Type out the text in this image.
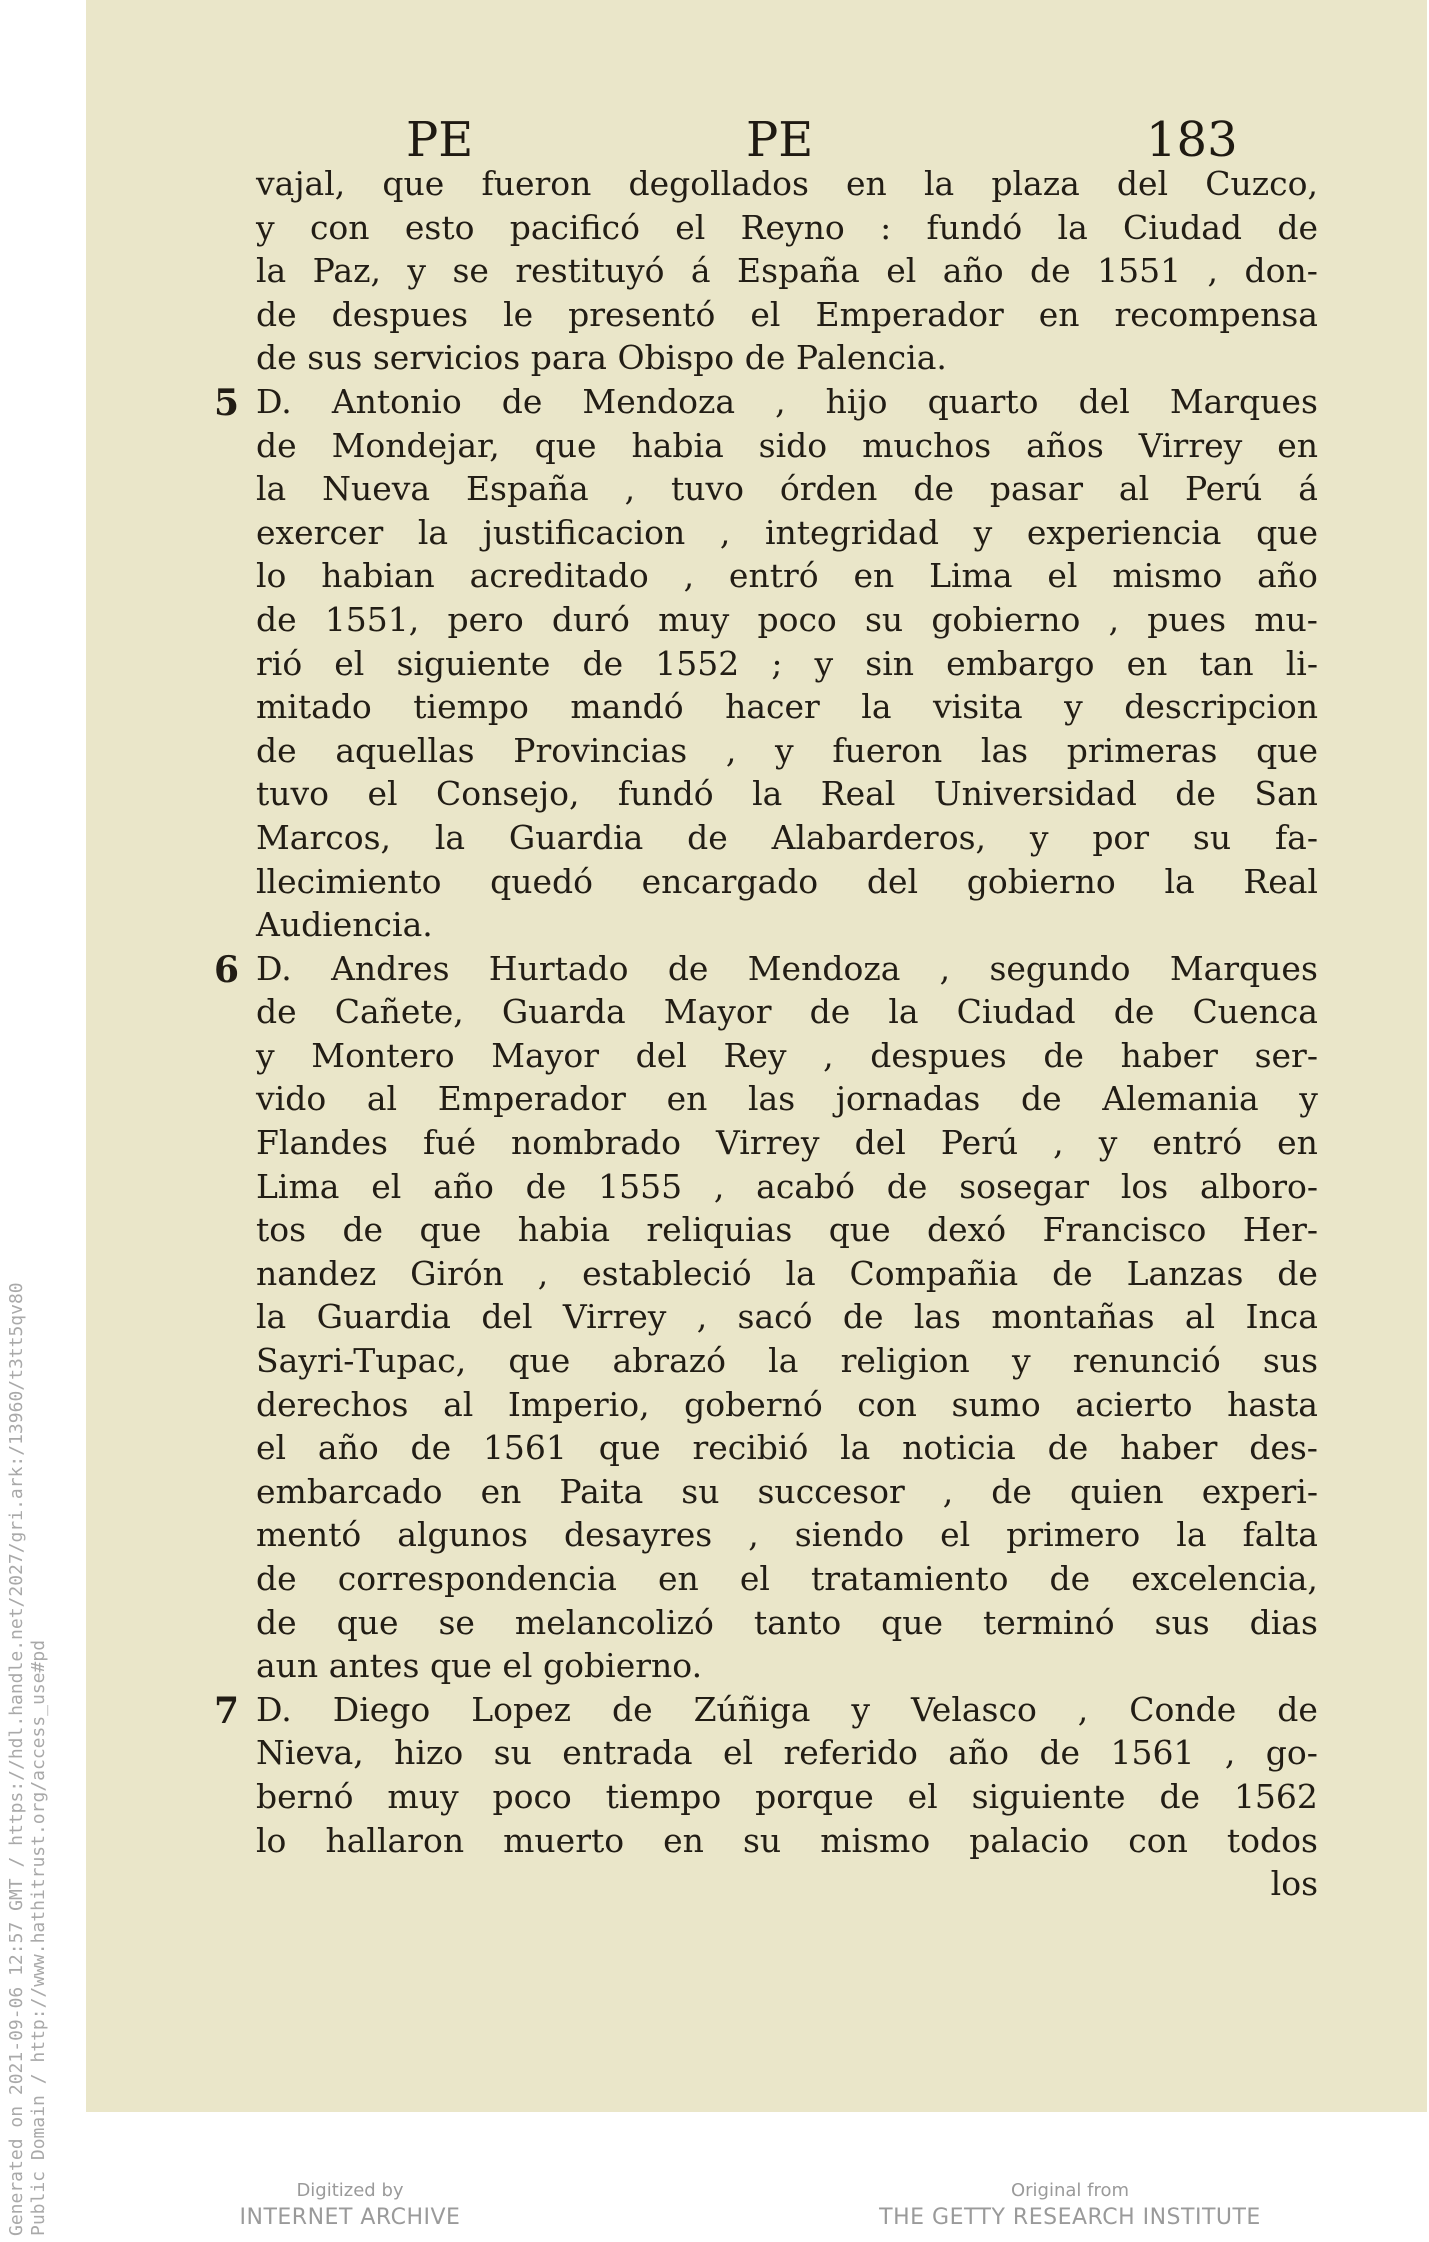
Generated on 2021-09-06 12:57 GMT / https://hdl.handle.net/2027/gri.ark:/13960/t3tt5qv80 Public Domain / http://www.hathitrust.org/access_use#pd
PE	PE	183
vajal, que fueron degollados en la plaza del Cuzco,
y con esto pacificó el Reyno : fundó la Ciudad de
la Paz, y se restituyó á España el año de 1551 , don-
de despues le presentó el Emperador en recompensa
de sus servicios para Obispo de Palencia.
D. Antonio de Mendoza , hijo quarto del Marques
de Mondejar, que habia sido muchos años Virrey en
la Nueva España , tuvo órden de pasar al Perú á
exercer la justificacion , integridad y experiencia que
lo habian acreditado , entró en Lima el mismo año
de 1551, pero duró muy poco su gobierno , pues mu-
rió el siguiente de 1552 ; y sin embargo en tan li-
mitado tiempo mandó hacer la visita y descripcion
de aquellas Provincias , y fueron las primeras que
tuvo el Consejo, fundó la Real Universidad de San
Marcos, la Guardia de Alabarderos, y por su fa-
llecimiento quedó encargado del gobierno la Real
Audiencia.
D. Andres Hurtado de Mendoza , segundo Marques
de Cañete, Guarda Mayor de la Ciudad de Cuenca
y Montero Mayor del Rey , despues de haber ser-
vido al Emperador en las jornadas de Alemania y
Flandes fué nombrado Virrey del Perú , y entró en
Lima el año de 1555 , acabó de sosegar los alboro-
tos de que habia reliquias que dexó Francisco Her-
nandez Girón , estableció la Compañia de Lanzas de
la Guardia del Virrey , sacó de las montañas al Inca
Sayri-Tupac, que abrazó la religion y renunció sus
derechos al Imperio, gobernó con sumo acierto hasta
el año de 1561 que recibió la noticia de haber des-
embarcado en Paita su succesor , de quien experi-
mentó algunos desayres , siendo el primero la falta
de correspondencia en el tratamiento de excelencia,
de que se melancolizó tanto que terminó sus dias
aun antes que el gobierno.
D. Diego Lopez de Zúñiga y Velasco , Conde de
Nieva, hizo su entrada el referido año de 1561 , go-
bernó muy poco tiempo porque el siguiente de 1562
lo hallaron muerto en su mismo palacio con todos
los
5
6
7
Digitized by
INTERNET ARCHIVE
Original from
THE GETTY RESEARCH INSTITUTE
